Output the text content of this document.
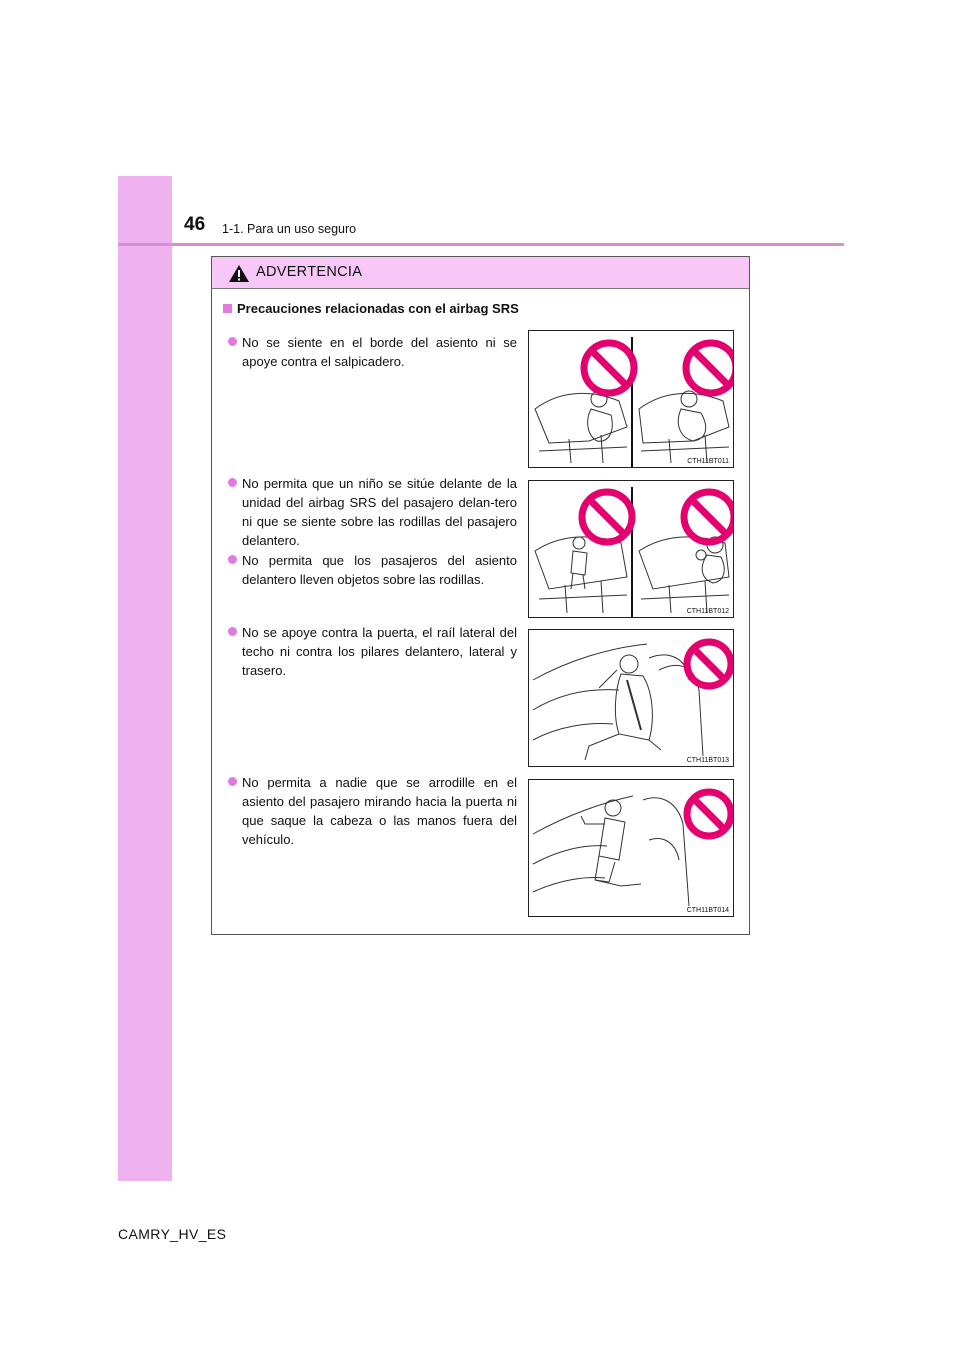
46 1-1. Para un uso seguro
ADVERTENCIA
Precauciones relacionadas con el airbag SRS
No se siente en el borde del asiento ni se apoye contra el salpicadero.
No permita que un niño se sitúe delante de la unidad del airbag SRS del pasajero delan-tero ni que se siente sobre las rodillas del pasajero delantero.
No permita que los pasajeros del asiento delantero lleven objetos sobre las rodillas.
No se apoye contra la puerta, el raíl lateral del techo ni contra los pilares delantero, lateral y trasero.
No permita a nadie que se arrodille en el asiento del pasajero mirando hacia la puerta ni que saque la cabeza o las manos fuera del vehículo.
CTH11BT011
CTH11BT012
CTH11BT013
CTH11BT014
CAMRY_HV_ES
